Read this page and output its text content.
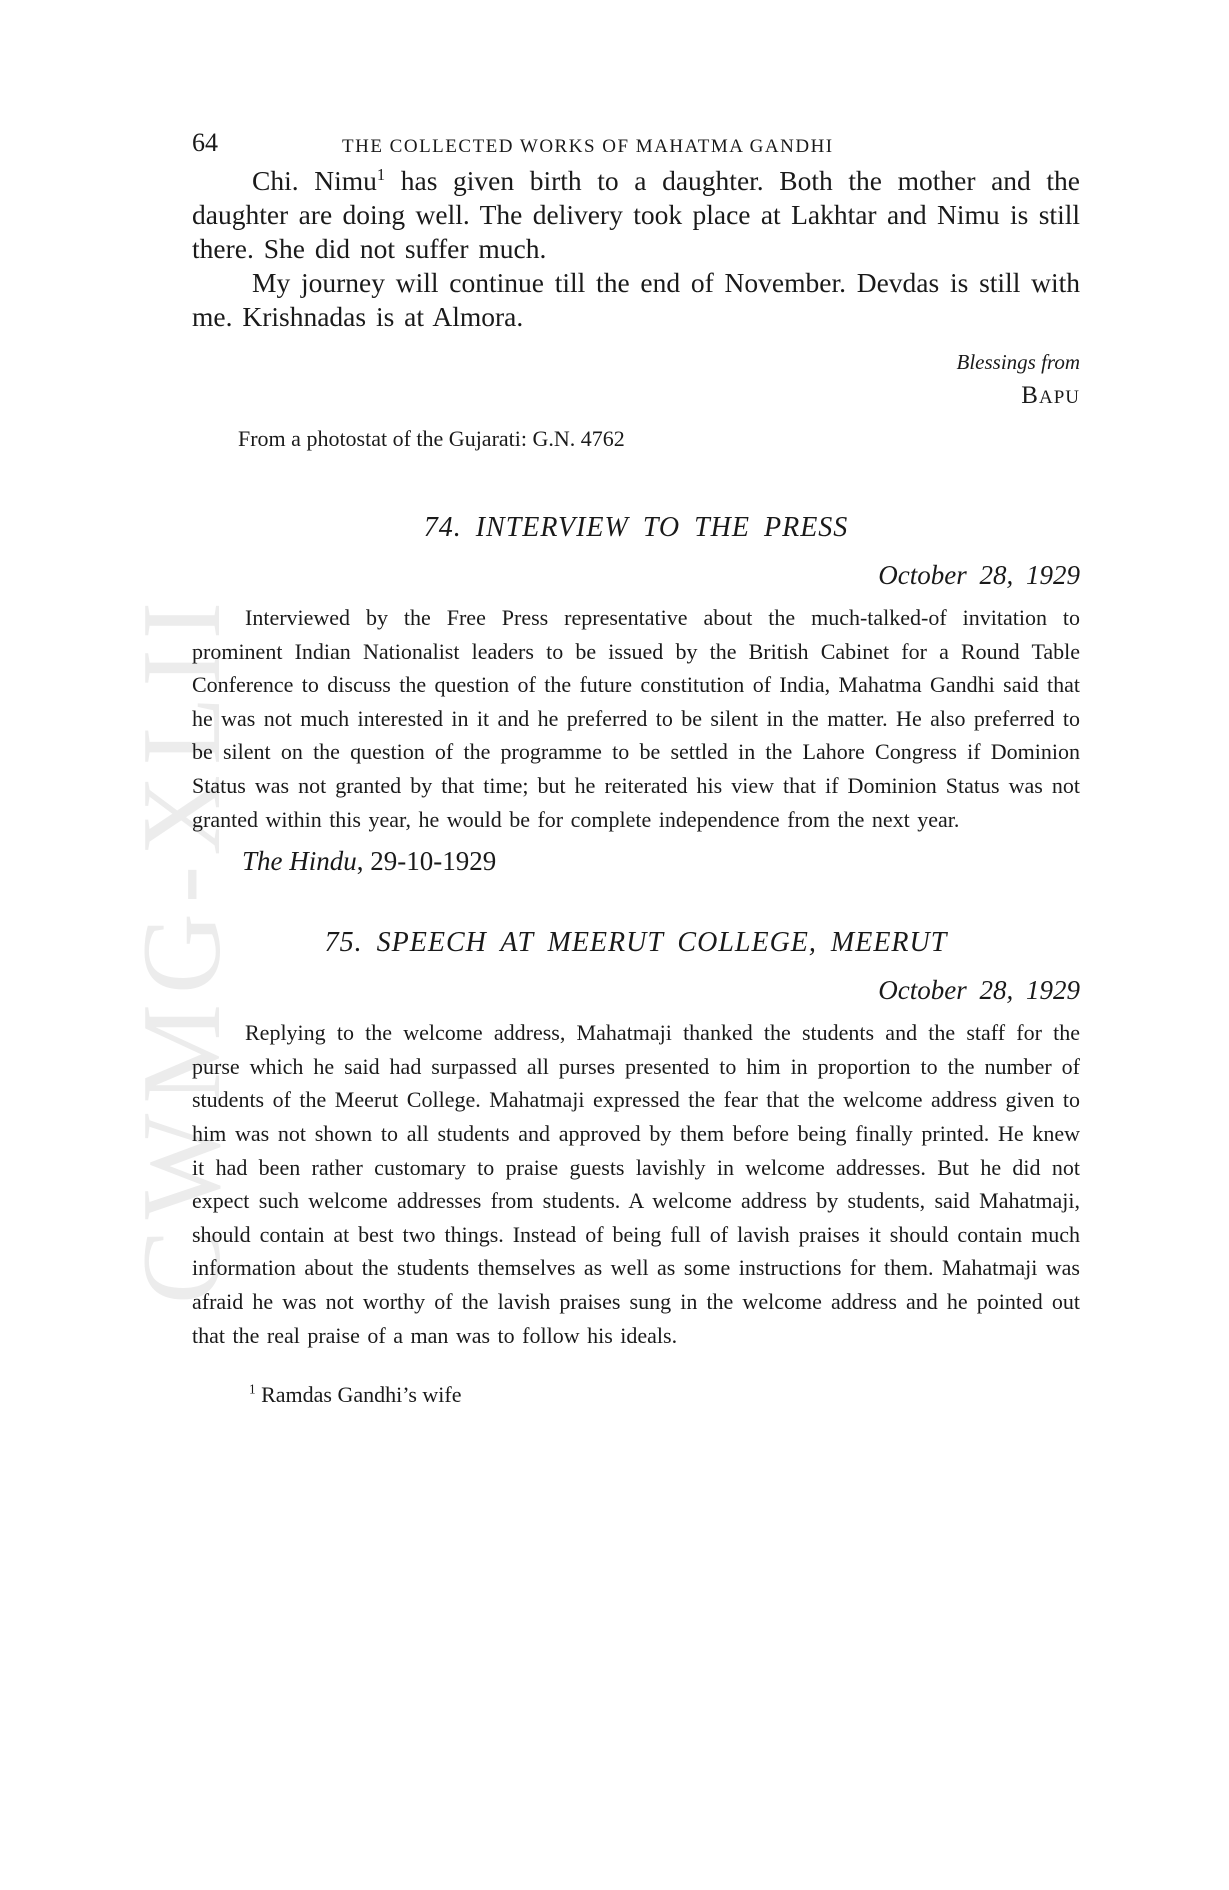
CWMG-XLII
64	THE COLLECTED WORKS OF MAHATMA GANDHI

Chi. Nimu$^1$ has given birth to a daughter. Both the mother and the daughter are doing well. The delivery took place at Lakhtar and Nimu is still there. She did not suffer much.

My journey will continue till the end of November. Devdas is still with me. Krishnadas is at Almora.

Blessings from
BAPU

From a photostat of the Gujarati: G.N. 4762

74. INTERVIEW TO THE PRESS
October 28, 1929

Interviewed by the Free Press representative about the much-talked-of invitation to prominent Indian Nationalist leaders to be issued by the British Cabinet for a Round Table Conference to discuss the question of the future constitution of India, Mahatma Gandhi said that he was not much interested in it and he preferred to be silent in the matter. He also preferred to be silent on the question of the programme to be settled in the Lahore Congress if Dominion Status was not granted by that time; but he reiterated his view that if Dominion Status was not granted within this year, he would be for complete independence from the next year.

The Hindu, 29-10-1929

75. SPEECH AT MEERUT COLLEGE, MEERUT
October 28, 1929

Replying to the welcome address, Mahatmaji thanked the students and the staff for the purse which he said had surpassed all purses presented to him in proportion to the number of students of the Meerut College. Mahatmaji expressed the fear that the welcome address given to him was not shown to all students and approved by them before being finally printed. He knew it had been rather customary to praise guests lavishly in welcome addresses. But he did not expect such welcome addresses from students. A welcome address by students, said Mahatmaji, should contain at best two things. Instead of being full of lavish praises it should contain much information about the students themselves as well as some instructions for them. Mahatmaji was afraid he was not worthy of the lavish praises sung in the welcome address and he pointed out that the real praise of a man was to follow his ideals.

$^1$ Ramdas Gandhi’s wife
